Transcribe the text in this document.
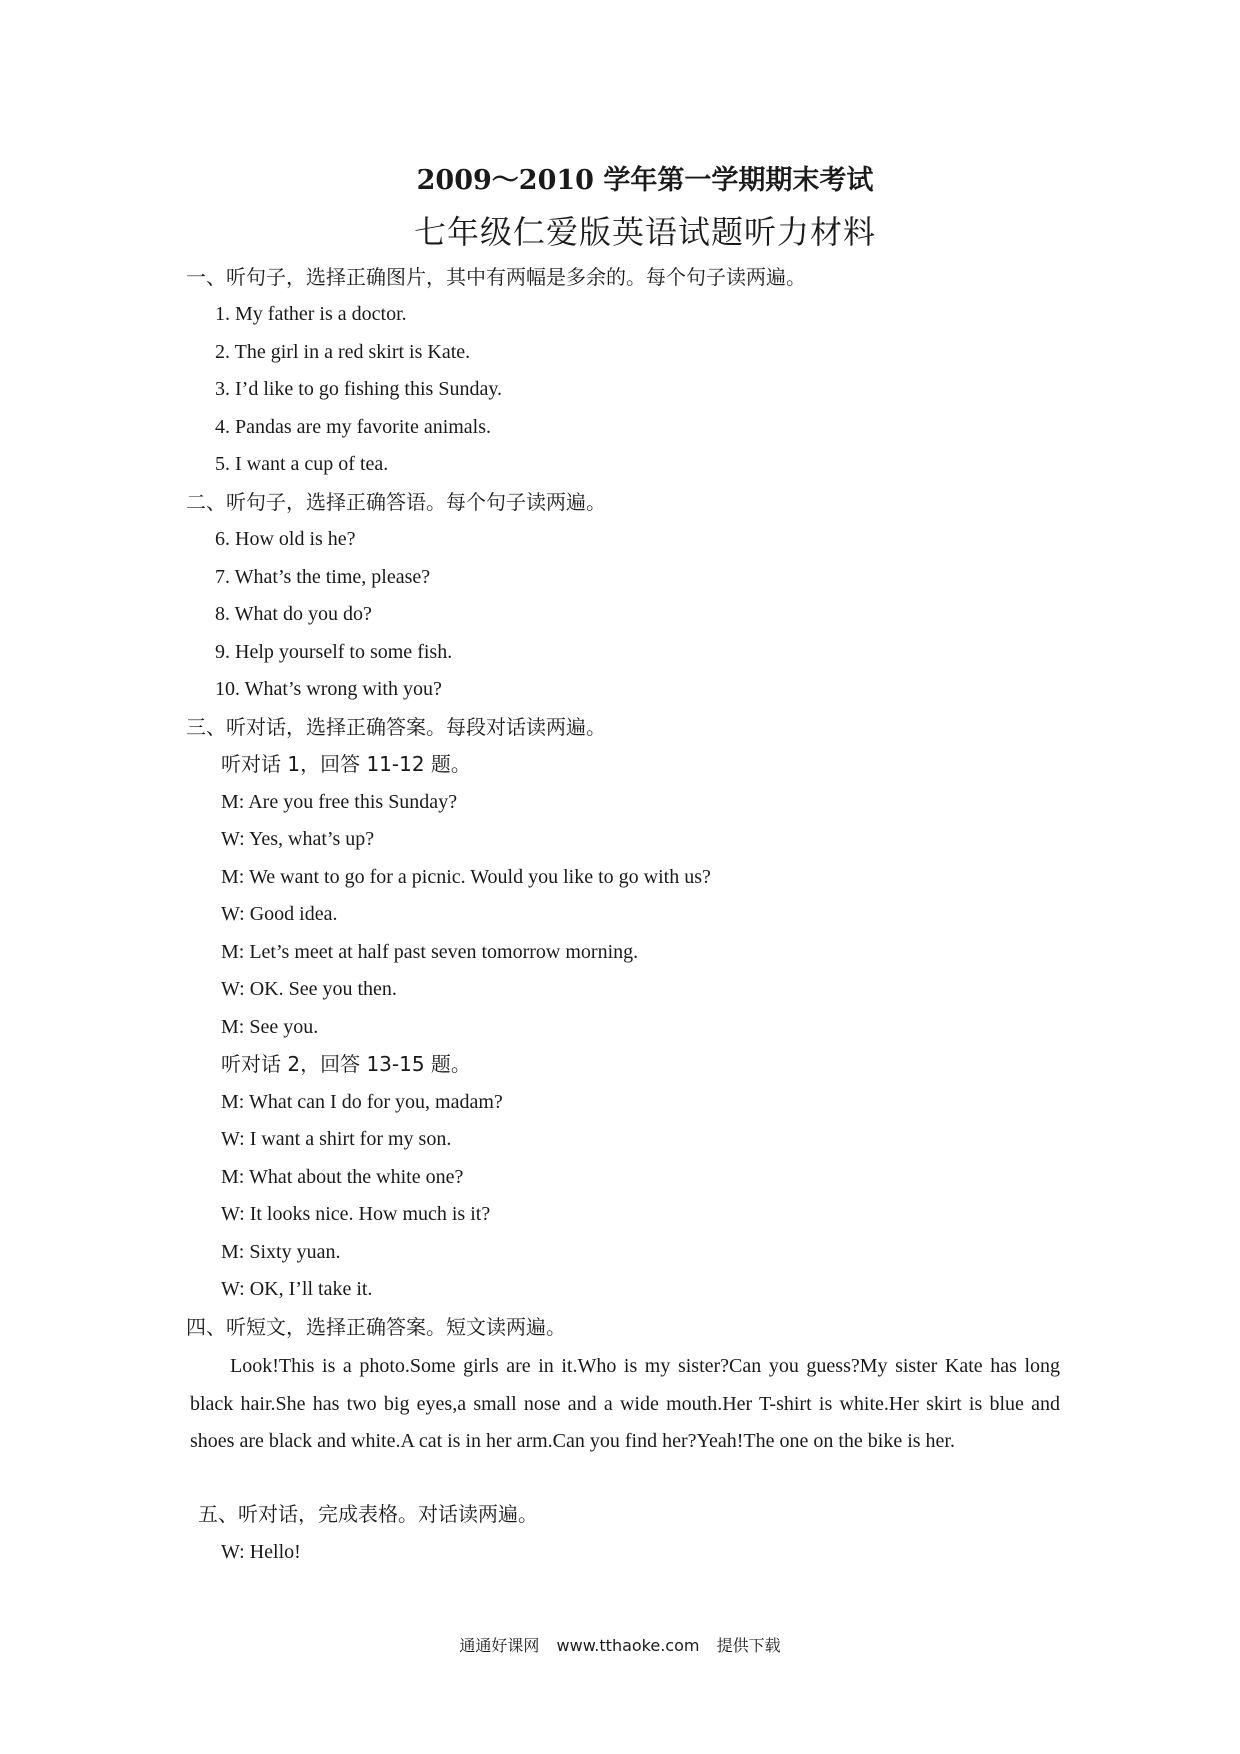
2009～2010 学年第一学期期末考试
七年级仁爱版英语试题听力材料
一、听句子，选择正确图片，其中有两幅是多余的。每个句子读两遍。
1. My father is a doctor.
2. The girl in a red skirt is Kate.
3. I’d like to go fishing this Sunday.
4. Pandas are my favorite animals.
5. I want a cup of tea.
二、听句子，选择正确答语。每个句子读两遍。
6. How old is he?
7. What’s the time, please?
8. What do you do?
9. Help yourself to some fish.
10. What’s wrong with you?
三、听对话，选择正确答案。每段对话读两遍。
听对话 1，回答 11-12 题。
M: Are you free this Sunday?
W: Yes, what’s up?
M: We want to go for a picnic. Would you like to go with us?
W: Good idea.
M: Let’s meet at half past seven tomorrow morning.
W: OK. See you then.
M: See you.
听对话 2，回答 13-15 题。
M: What can I do for you, madam?
W: I want a shirt for my son.
M: What about the white one?
W: It looks nice. How much is it?
M: Sixty yuan.
W: OK, I’ll take it.
四、听短文，选择正确答案。短文读两遍。
Look!This is a photo.Some girls are in it.Who is my sister?Can you guess?My sister Kate has long black hair.She has two big eyes,a small nose and a wide mouth.Her T-shirt is white.Her skirt is blue and shoes are black and white.A cat is in her arm.Can you find her?Yeah!The one on the bike is her.
五、听对话，完成表格。对话读两遍。
W: Hello!
通通好课网 www.tthaoke.com 提供下载
